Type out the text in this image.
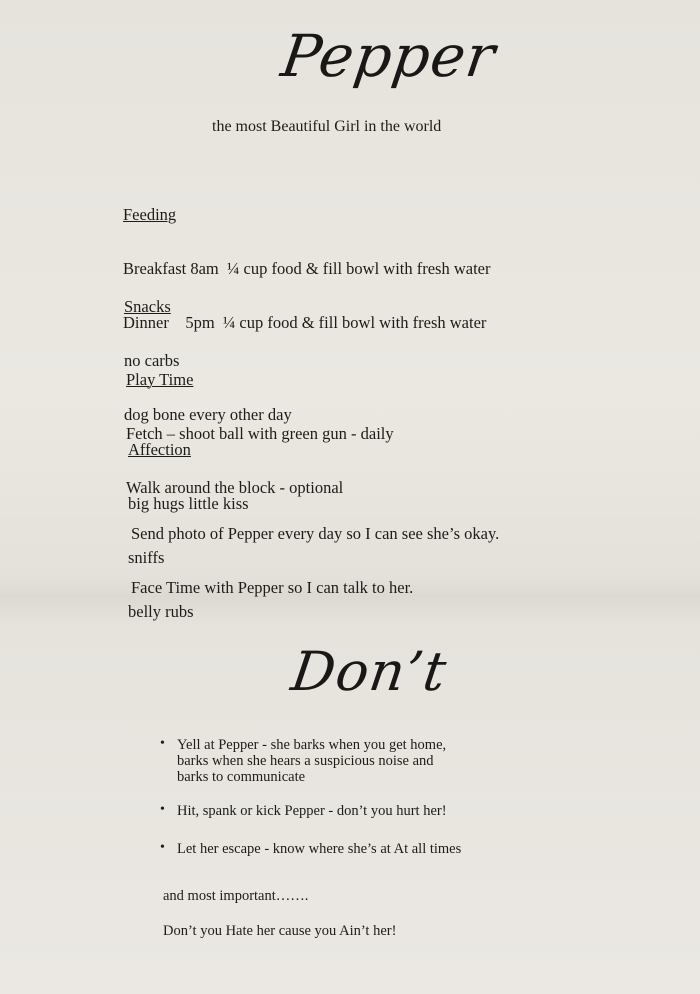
Pepper
the most Beautiful Girl in the world

Feeding

Breakfast 8am  ¼ cup food & fill bowl with fresh water

Dinner    5pm  ¼ cup food & fill bowl with fresh water

Snacks

no carbs

dog bone every other day

Play Time

Fetch – shoot ball with green gun - daily

Walk around the block - optional

Affection

big hugs little kiss

sniffs

belly rubs

Send photo of Pepper every day so I can see she’s okay.

Face Time with Pepper so I can talk to her.

Don’t

•

Yell at Pepper - she barks when you get home,
barks when she hears a suspicious noise and
barks to communicate

•

Hit, spank or kick Pepper - don’t you hurt her!

•

Let her escape - know where she’s at At all times

and most important…….
Don’t you Hate her cause you Ain’t her!
